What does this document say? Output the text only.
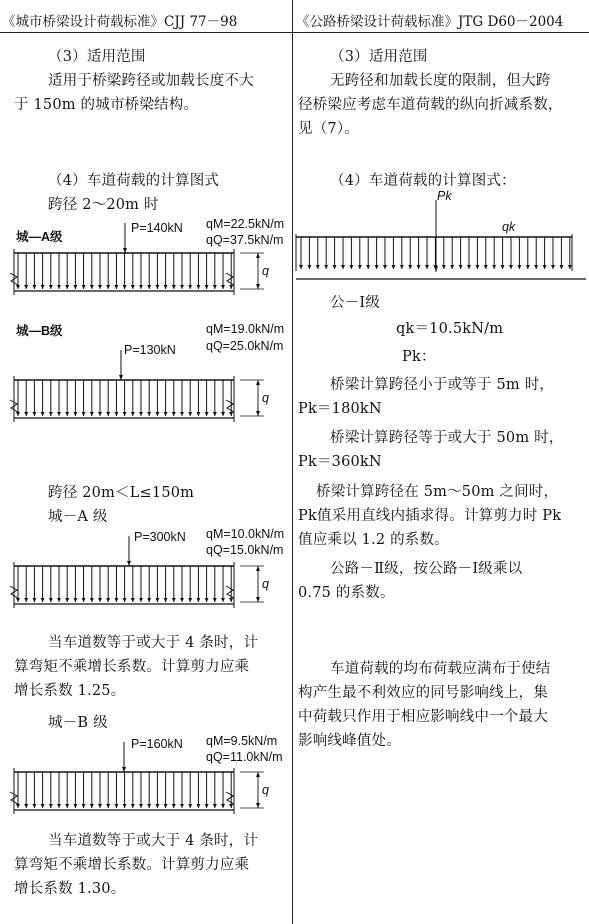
《城市桥梁设计荷载标准》CJJ 77－98	《公路桥梁设计荷载标准》JTG D60－2004
（3）适用范围
适用于桥梁跨径或加载长度不大
于 150m 的城市桥梁结构。
（4）车道荷载的计算图式
跨径 2～20m 时
城—A级
P=140kN qM=22.5kN/m
qQ=37.5kN/m
q
q
q
q
Pk
qk
城—B级	qM=19.0kN/m
P=130kN qQ=25.0kN/m
跨径 20m＜L≤150m
城－A 级
P=300kN qM=10.0kN/m
qQ=15.0kN/m
当车道数等于或大于 4 条时，计
算弯矩不乘增长系数。计算剪力应乘
增长系数 1.25。
城－B 级
P=160kN qM=9.5kN/m
qQ=11.0kN/m
当车道数等于或大于 4 条时，计
算弯矩不乘增长系数。计算剪力应乘
增长系数 1.30。
（3）适用范围
无跨径和加载长度的限制，但大跨
径桥梁应考虑车道荷载的纵向折减系数，
见（7）。
（4）车道荷载的计算图式：
公－Ⅰ级
qk＝10.5kN/m
Pk：
桥梁计算跨径小于或等于 5m 时，
Pk＝180kN
桥梁计算跨径等于或大于 50m 时，
Pk＝360kN
桥梁计算跨径在 5m～50m 之间时，
Pk值采用直线内插求得。计算剪力时 Pk
值应乘以 1.2 的系数。
公路－Ⅱ级，按公路－Ⅰ级乘以
0.75 的系数。
车道荷载的均布荷载应满布于使结
构产生最不利效应的同号影响线上，集
中荷载只作用于相应影响线中一个最大
影响线峰值处。
